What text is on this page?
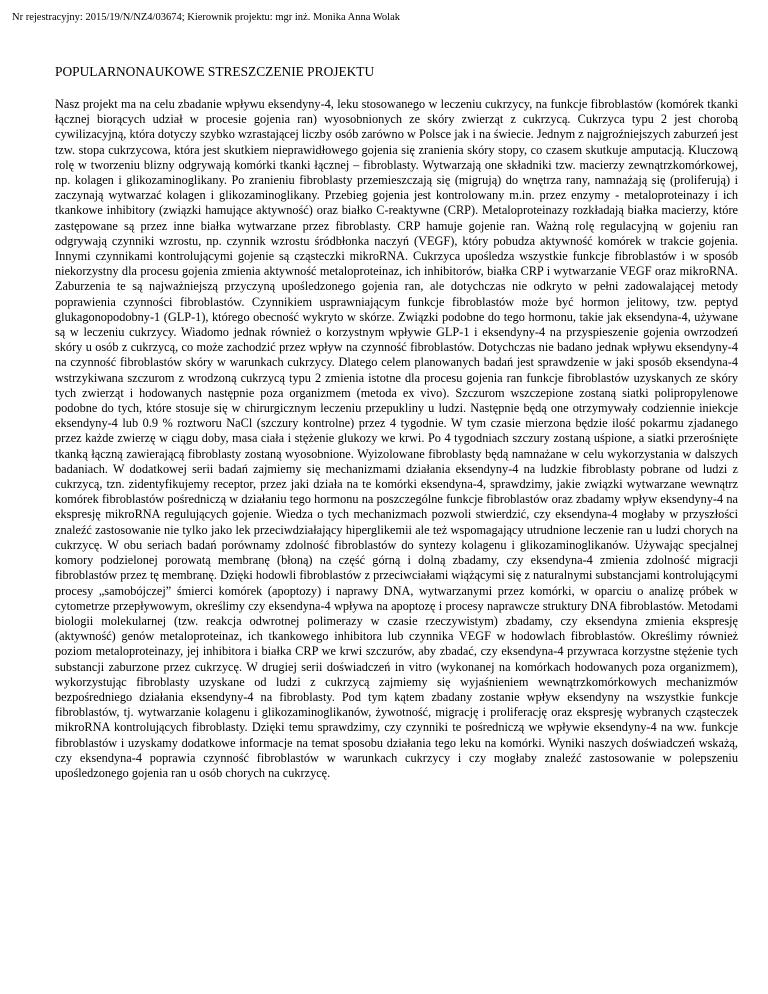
Nr rejestracyjny: 2015/19/N/NZ4/03674; Kierownik projektu: mgr inż. Monika Anna Wolak
POPULARNONAUKOWE STRESZCZENIE PROJEKTU

Nasz projekt ma na celu zbadanie wpływu eksendyny-4, leku stosowanego w leczeniu cukrzycy, na funkcje fibroblastów (komórek tkanki łącznej biorących udział w procesie gojenia ran) wyosobnionych ze skóry zwierząt z cukrzycą. Cukrzyca typu 2 jest chorobą cywilizacyjną, która dotyczy szybko wzrastającej liczby osób zarówno w Polsce jak i na świecie. Jednym z najgroźniejszych zaburzeń jest tzw. stopa cukrzycowa, która jest skutkiem nieprawidłowego gojenia się zranienia skóry stopy, co czasem skutkuje amputacją. Kluczową rolę w tworzeniu blizny odgrywają komórki tkanki łącznej – fibroblasty. Wytwarzają one składniki tzw. macierzy zewnątrzkomórkowej, np. kolagen i glikozaminoglikany. Po zranieniu fibroblasty przemieszczają się (migrują) do wnętrza rany, namnażają się (proliferują) i zaczynają wytwarzać kolagen i glikozaminoglikany. Przebieg gojenia jest kontrolowany m.in. przez enzymy - metaloproteinazy i ich tkankowe inhibitory (związki hamujące aktywność) oraz białko C-reaktywne (CRP). Metaloproteinazy rozkładają białka macierzy, które zastępowane są przez inne białka wytwarzane przez fibroblasty. CRP hamuje gojenie ran. Ważną rolę regulacyjną w gojeniu ran odgrywają czynniki wzrostu, np. czynnik wzrostu śródbłonka naczyń (VEGF), który pobudza aktywność komórek w trakcie gojenia. Innymi czynnikami kontrolującymi gojenie są cząsteczki mikroRNA. Cukrzyca upośledza wszystkie funkcje fibroblastów i w sposób niekorzystny dla procesu gojenia zmienia aktywność metaloproteinaz, ich inhibitorów, białka CRP i wytwarzanie VEGF oraz mikroRNA. Zaburzenia te są najważniejszą przyczyną upośledzonego gojenia ran, ale dotychczas nie odkryto w pełni zadowalającej metody poprawienia czynności fibroblastów. Czynnikiem usprawniającym funkcje fibroblastów może być hormon jelitowy, tzw. peptyd glukagonopodobny-1 (GLP-1), którego obecność wykryto w skórze. Związki podobne do tego hormonu, takie jak eksendyna-4, używane są w leczeniu cukrzycy. Wiadomo jednak również o korzystnym wpływie GLP-1 i eksendyny-4 na przyspieszenie gojenia owrzodzeń skóry u osób z cukrzycą, co może zachodzić przez wpływ na czynność fibroblastów. Dotychczas nie badano jednak wpływu eksendyny-4 na czynność fibroblastów skóry w warunkach cukrzycy. Dlatego celem planowanych badań jest sprawdzenie w jaki sposób eksendyna-4 wstrzykiwana szczurom z wrodzoną cukrzycą typu 2 zmienia istotne dla procesu gojenia ran funkcje fibroblastów uzyskanych ze skóry tych zwierząt i hodowanych następnie poza organizmem (metoda ex vivo). Szczurom wszczepione zostaną siatki polipropylenowe podobne do tych, które stosuje się w chirurgicznym leczeniu przepukliny u ludzi. Następnie będą one otrzymywały codziennie iniekcje eksendyny-4 lub 0.9 % roztworu NaCl (szczury kontrolne) przez 4 tygodnie. W tym czasie mierzona będzie ilość pokarmu zjadanego przez każde zwierzę w ciągu doby, masa ciała i stężenie glukozy we krwi. Po 4 tygodniach szczury zostaną uśpione, a siatki przerośnięte tkanką łączną zawierającą fibroblasty zostaną wyosobnione. Wyizolowane fibroblasty będą namnażane w celu wykorzystania w dalszych badaniach. W dodatkowej serii badań zajmiemy się mechanizmami działania eksendyny-4 na ludzkie fibroblasty pobrane od ludzi z cukrzycą, tzn. zidentyfikujemy receptor, przez jaki działa na te komórki eksendyna-4, sprawdzimy, jakie związki wytwarzane wewnątrz komórek fibroblastów pośredniczą w działaniu tego hormonu na poszczególne funkcje fibroblastów oraz zbadamy wpływ eksendyny-4 na ekspresję mikroRNA regulujących gojenie. Wiedza o tych mechanizmach pozwoli stwierdzić, czy eksendyna-4 mogłaby w przyszłości znaleźć zastosowanie nie tylko jako lek przeciwdziałający hiperglikemii ale też wspomagający utrudnione leczenie ran u ludzi chorych na cukrzycę. W obu seriach badań porównamy zdolność fibroblastów do syntezy kolagenu i glikozaminoglikanów. Używając specjalnej komory podzielonej porowatą membranę (błoną) na część górną i dolną zbadamy, czy eksendyna-4 zmienia zdolność migracji fibroblastów przez tę membranę. Dzięki hodowli fibroblastów z przeciwciałami wiążącymi się z naturalnymi substancjami kontrolującymi procesy „samobójczej” śmierci komórek (apoptozy) i naprawy DNA, wytwarzanymi przez komórki, w oparciu o analizę próbek w cytometrze przepływowym, określimy czy eksendyna-4 wpływa na apoptozę i procesy naprawcze struktury DNA fibroblastów. Metodami biologii molekularnej (tzw. reakcja odwrotnej polimerazy w czasie rzeczywistym) zbadamy, czy eksendyna zmienia ekspresję (aktywność) genów metaloproteinaz, ich tkankowego inhibitora lub czynnika VEGF w hodowlach fibroblastów. Określimy również poziom metaloproteinazy, jej inhibitora i białka CRP we krwi szczurów, aby zbadać, czy eksendyna-4 przywraca korzystne stężenie tych substancji zaburzone przez cukrzycę. W drugiej serii doświadczeń in vitro (wykonanej na komórkach hodowanych poza organizmem), wykorzystując fibroblasty uzyskane od ludzi z cukrzycą zajmiemy się wyjaśnieniem wewnątrzkomórkowych mechanizmów bezpośredniego działania eksendyny-4 na fibroblasty. Pod tym kątem zbadany zostanie wpływ eksendyny na wszystkie funkcje fibroblastów, tj. wytwarzanie kolagenu i glikozaminoglikanów, żywotność, migrację i proliferację oraz ekspresję wybranych cząsteczek mikroRNA kontrolujących fibroblasty. Dzięki temu sprawdzimy, czy czynniki te pośredniczą we wpływie eksendyny-4 na ww. funkcje fibroblastów i uzyskamy dodatkowe informacje na temat sposobu działania tego leku na komórki. Wyniki naszych doświadczeń wskażą, czy eksendyna-4 poprawia czynność fibroblastów w warunkach cukrzycy i czy mogłaby znaleźć zastosowanie w polepszeniu upośledzonego gojenia ran u osób chorych na cukrzycę.
